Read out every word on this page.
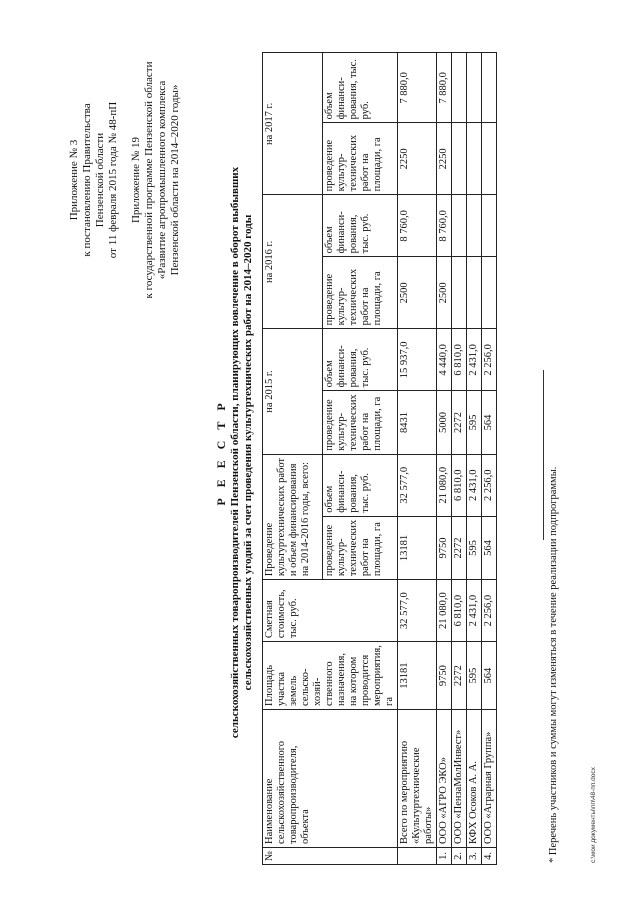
Приложение № 3 к постановлению Правительства Пензенской области от 11 февраля 2015 года № 48-пП Приложение № 19 к государственной программе Пензенской области «Развитие агропромышленного комплекса Пензенской области на 2014–2020 годы»
Р Е Е С Т Р сельскохозяйственных товаропроизводителей Пензенской области, планирующих вовлечение в оборот выбывших сельскохозяйственных угодий за счет проведения культуртехнических работ на 2014–2020 годы
№	Наименование сельскохозяйственного товаропроизводителя, объекта	Площадь участка земель сельско-хозяй-ственного назначения, на котором проводится мероприятия, га	Сметная стоимость, тыс. руб.	Проведение культуртехнических работ и объем финансирования на 2014-2016 годы, всего:		на 2015 г.		на 2016 г.		на 2017 г.	
				проведение культур-технических работ на площади, га	объем финанси-рования, тыс. руб.	проведение культур-технических работ на площади, га	объем финанси-рования, тыс. руб.	проведение культур-технических работ на площади, га	объем финанси-рования, тыс. руб.	проведение культур-технических работ на площади, га	объем финанси-рования, тыс. руб.
	Всего по мероприятию «Культуртехнические работы»	13181	32 577,0	13181	32 577,0	8431	15 937,0	2500	8 760,0	2250	7 880,0
1.	ООО «АГРО ЭКО»	9750	21 080,0	9750	21 080,0	5000	4 440,0	2500	8 760,0	2250	7 880,0
2.	ООО «ПензаМолИнвест»	2272	6 810,0	2272	6 810,0	2272	6 810,0				
3.	КФХ Осоков А. А.	595	2 431,0	595	2 431,0	595	2 431,0				
4.	ООО «Аграрная Группа»	564	2 256,0	564	2 256,0	564	2 256,0				
* Перечень участников и суммы могут изменяться в течение реализации подпрограммы.	c:\мои документы\пп\48-пп.docx
